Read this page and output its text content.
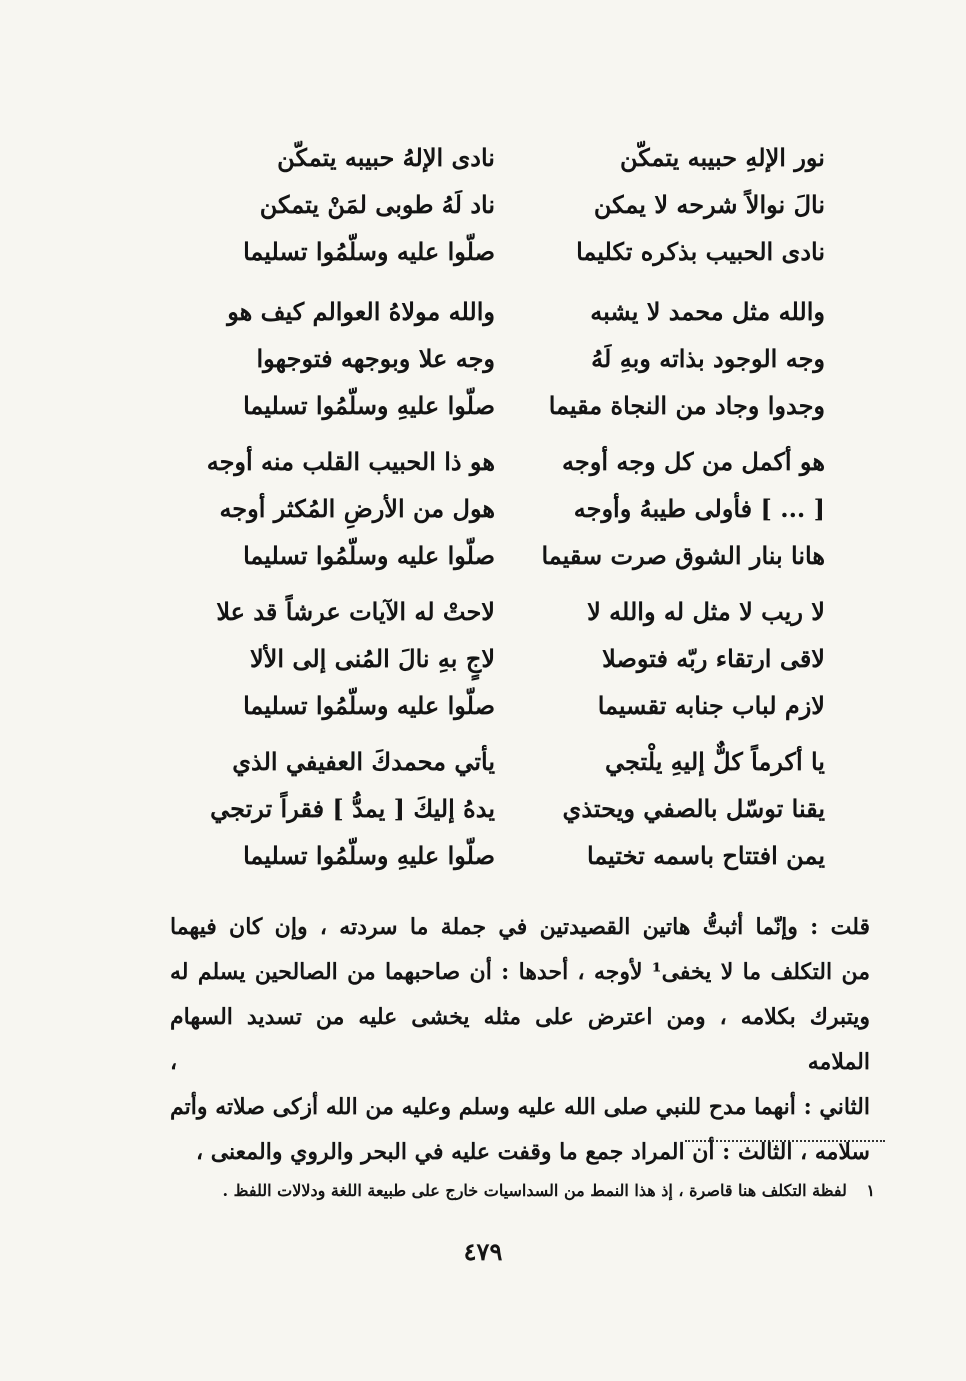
نور الإلهِ حبيبه يتمكّن
نادى الإلهُ حبيبه يتمكّن
نالَ نوالاً شرحه لا يمكن
ناد لَهُ طوبى لمَنْ يتمكن
نادى الحبيب بذكره تكليما
صلّوا عليه وسلّمُوا تسليما
والله مثل محمد لا يشبه
والله مولاهُ العوالم كيف هو
وجه الوجود بذاته وبهِ لَهُ
وجه علا وبوجهه فتوجهوا
وجدوا وجاد من النجاة مقيما
صلّوا عليهِ وسلّمُوا تسليما
هو أكمل من كل وجه أوجه
هو ذا الحبيب القلب منه أوجه
[ ... ] فأولى طيبهُ وأوجه
هول من الأرضِ المُكثر أوجه
هانا بنار الشوق صرت سقيما
صلّوا عليه وسلّمُوا تسليما
لا ريب لا مثل له والله لا
لاحتْ له الآيات عرشاً قد علا
لاقى ارتقاء ربّه فتوصلا
لاجٍ بهِ نالَ المُنى إلى الألا
لازم لباب جنابه تقسيما
صلّوا عليه وسلّمُوا تسليما
يا أكرماً كلٌّ إليهِ يلْتجي
يأتي محمدكَ العفيفي الذي
يقنا توسّل بالصفي ويحتذي
يدهُ إليكَ [ يمدُّ ] فقراً ترتجي
يمن افتتاح باسمه تختيما
صلّوا عليهِ وسلّمُوا تسليما

قلت : وإنّما أثبتُّ هاتين القصيدتين في جملة ما سردته ، وإن كان فيهما

من التكلف ما لا يخفى¹ لأوجه ، أحدها : أن صاحبهما من الصالحين يسلم له

ويتبرك بكلامه ، ومن اعترض على مثله يخشى عليه من تسديد السهام الملامه ،

الثاني : أنهما مدح للنبي صلى الله عليه وسلم وعليه من الله أزكى صلاته وأتم

سلامه ، الثالث : أن المراد جمع ما وقفت عليه في البحر والروي والمعنى ،

١ لفظة التكلف هنا قاصرة ، إذ هذا النمط من السداسيات خارج على طبيعة اللغة ودلالات اللفظ .
٤٧٩
